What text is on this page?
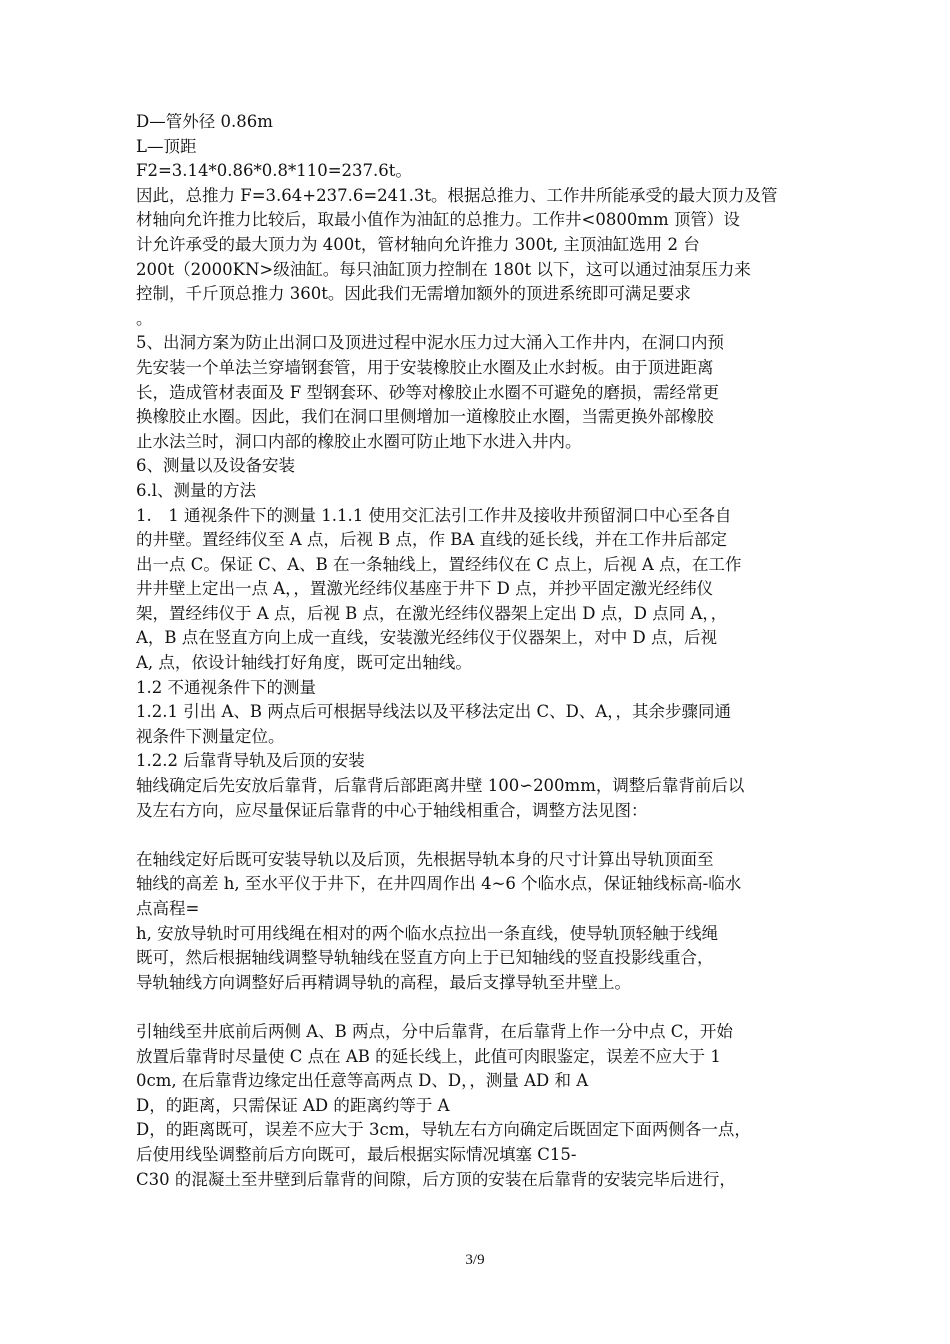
D—管外径 0.86m
L—顶距
F2=3.14*0.86*0.8*110=237.6t。
因此，总推力 F=3.64+237.6=241.3t。根据总推力、工作井所能承受的最大顶力及管
材轴向允许推力比较后，取最小值作为油缸的总推力。工作井<0800mm 顶管）设
计允许承受的最大顶力为 400t，管材轴向允许推力 300t, 主顶油缸选用 2 台
200t（2000KN>级油缸。每只油缸顶力控制在 180t 以下，这可以通过油泵压力来
控制，千斤顶总推力 360t。因此我们无需增加额外的顶进系统即可满足要求
。
5、出洞方案为防止出洞口及顶进过程中泥水压力过大涌入工作井内，在洞口内预
先安装一个单法兰穿墙钢套管，用于安装橡胶止水圈及止水封板。由于顶进距离
长，造成管材表面及 F 型钢套环、砂等对橡胶止水圈不可避免的磨损，需经常更
换橡胶止水圈。因此，我们在洞口里侧增加一道橡胶止水圈，当需更换外部橡胶
止水法兰时，洞口内部的橡胶止水圈可防止地下水进入井内。
6、测量以及设备安装
6.l、测量的方法
1.　1 通视条件下的测量 1.1.1 使用交汇法引工作井及接收井预留洞口中心至各自
的井壁。置经纬仪至 A 点，后视 B 点，作 BA 直线的延长线，并在工作井后部定
出一点 C。保证 C、A、B 在一条轴线上，置经纬仪在 C 点上，后视 A 点，在工作
井井壁上定出一点 A，，置激光经纬仪基座于井下 D 点，并抄平固定激光经纬仪
架，置经纬仪于 A 点，后视 B 点，在激光经纬仪器架上定出 D 点，D 点同 A，，
A，B 点在竖直方向上成一直线，安装激光经纬仪于仪器架上，对中 D 点，后视
A, 点，依设计轴线打好角度，既可定出轴线。
1.2 不通视条件下的测量
1.2.1 引出 A、B 两点后可根据导线法以及平移法定出 C、D、A，，其余步骤同通
视条件下测量定位。
1.2.2 后靠背导轨及后顶的安装
轴线确定后先安放后靠背，后靠背后部距离井壁 100∽200mm，调整后靠背前后以
及左右方向，应尽量保证后靠背的中心于轴线相重合，调整方法见图：
在轴线定好后既可安装导轨以及后顶，先根据导轨本身的尺寸计算出导轨顶面至
轴线的高差 h, 至水平仪于井下，在井四周作出 4~6 个临水点，保证轴线标高-临水
点高程=
h, 安放导轨时可用线绳在相对的两个临水点拉出一条直线，使导轨顶轻触于线绳
既可，然后根据轴线调整导轨轴线在竖直方向上于已知轴线的竖直投影线重合，
导轨轴线方向调整好后再精调导轨的高程，最后支撑导轨至井壁上。
引轴线至井底前后两侧 A、B 两点，分中后靠背，在后靠背上作一分中点 C，开始
放置后靠背时尽量使 C 点在 AB 的延长线上，此值可肉眼鉴定，误差不应大于 1
0cm, 在后靠背边缘定出任意等高两点 D、D，，测量 AD 和 A
D，的距离，只需保证 AD 的距离约等于 A
D，的距离既可，误差不应大于 3cm，导轨左右方向确定后既固定下面两侧各一点，
后使用线坠调整前后方向既可，最后根据实际情况填塞 C15-
C30 的混凝土至井壁到后靠背的间隙，后方顶的安装在后靠背的安装完毕后进行，
3/9
